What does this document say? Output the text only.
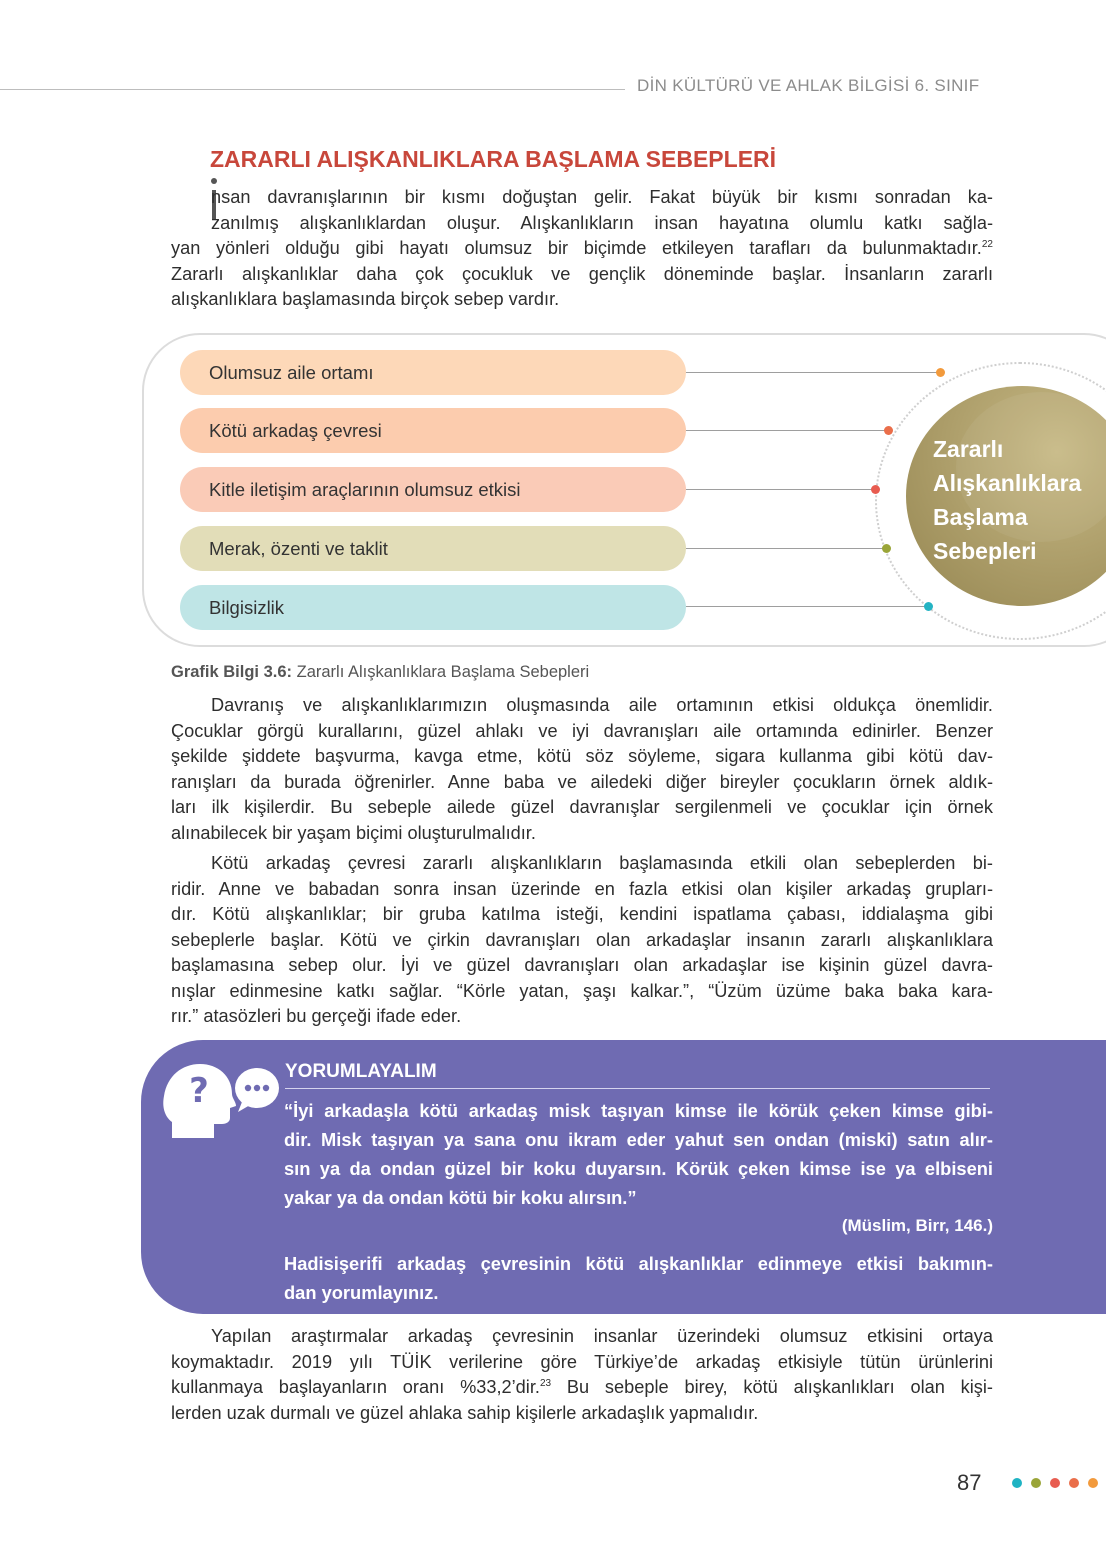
DİN KÜLTÜRÜ VE AHLAK BİLGİSİ 6. SINIF
ZARARLI ALIŞKANLIKLARA BAŞLAMA SEBEPLERİ
nsan davranışlarının bir kısmı doğuştan gelir. Fakat büyük bir kısmı sonradan ka-
zanılmış alışkanlıklardan oluşur. Alışkanlıkların insan hayatına olumlu katkı sağla-
yan yönleri olduğu gibi hayatı olumsuz bir biçimde etkileyen tarafları da bulunmaktadır.$^{22}$
Zararlı alışkanlıklar daha çok çocukluk ve gençlik döneminde başlar. İnsanların zararlı
alışkanlıklara başlamasında birçok sebep vardır.
Olumsuz aile ortamı
Kötü arkadaş çevresi
Kitle iletişim araçlarının olumsuz etkisi
Merak, özenti ve taklit
Bilgisizlik
Zararlı
Alışkanlıklara
Başlama
Sebepleri
Grafik Bilgi 3.6: Zararlı Alışkanlıklara Başlama Sebepleri
Davranış ve alışkanlıklarımızın oluşmasında aile ortamının etkisi oldukça önemlidir.
Çocuklar görgü kurallarını, güzel ahlakı ve iyi davranışları aile ortamında edinirler. Benzer
şekilde şiddete başvurma, kavga etme, kötü söz söyleme, sigara kullanma gibi kötü dav-
ranışları da burada öğrenirler. Anne baba ve ailedeki diğer bireyler çocukların örnek aldık-
ları ilk kişilerdir. Bu sebeple ailede güzel davranışlar sergilenmeli ve çocuklar için örnek
alınabilecek bir yaşam biçimi oluşturulmalıdır.
Kötü arkadaş çevresi zararlı alışkanlıkların başlamasında etkili olan sebeplerden bi-
ridir. Anne ve babadan sonra insan üzerinde en fazla etkisi olan kişiler arkadaş grupları-
dır. Kötü alışkanlıklar; bir gruba katılma isteği, kendini ispatlama çabası, iddialaşma gibi
sebeplerle başlar. Kötü ve çirkin davranışları olan arkadaşlar insanın zararlı alışkanlıklara
başlamasına sebep olur. İyi ve güzel davranışları olan arkadaşlar ise kişinin güzel davra-
nışlar edinmesine katkı sağlar. “Körle yatan, şaşı kalkar.”, “Üzüm üzüme baka baka kara-
rır.” atasözleri bu gerçeği ifade eder.
?	YORUMLAYALIM
“İyi arkadaşla kötü arkadaş misk taşıyan kimse ile körük çeken kimse gibi-
dir. Misk taşıyan ya sana onu ikram eder yahut sen ondan (miski) satın alır-
sın ya da ondan güzel bir koku duyarsın. Körük çeken kimse ise ya elbiseni
yakar ya da ondan kötü bir koku alırsın.”
(Müslim, Birr, 146.)
Hadisişerifi arkadaş çevresinin kötü alışkanlıklar edinmeye etkisi bakımın-
dan yorumlayınız.
Yapılan araştırmalar arkadaş çevresinin insanlar üzerindeki olumsuz etkisini ortaya
koymaktadır. 2019 yılı TÜİK verilerine göre Türkiye’de arkadaş etkisiyle tütün ürünlerini
kullanmaya başlayanların oranı %33,2’dir.$^{23}$ Bu sebeple birey, kötü alışkanlıkları olan kişi-
lerden uzak durmalı ve güzel ahlaka sahip kişilerle arkadaşlık yapmalıdır.
87
